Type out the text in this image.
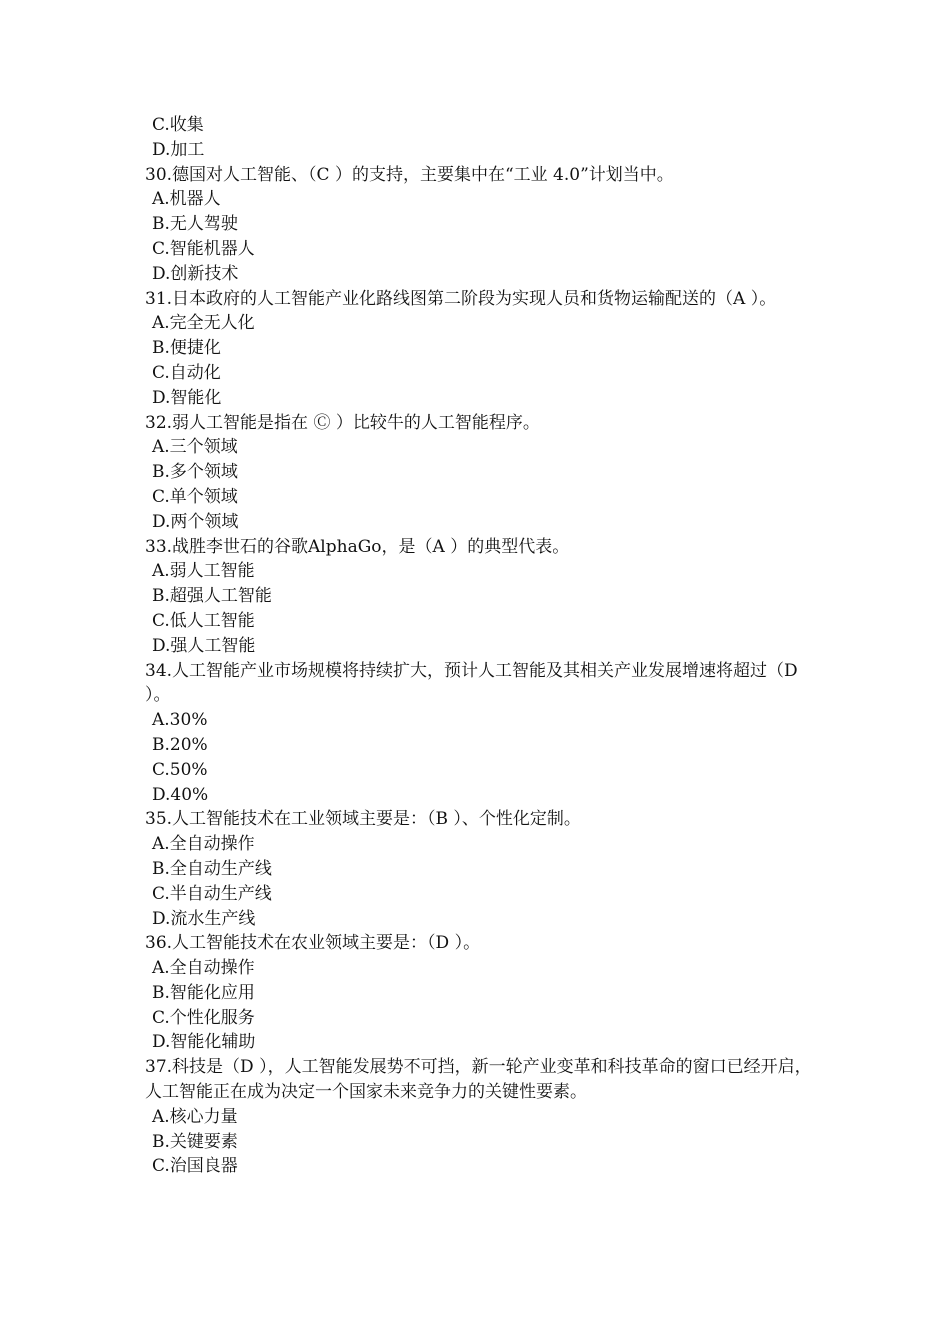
C.收集

D.加工

30.德国对人工智能、（C ）的支持，主要集中在“工业 4.0”计划当中。

A.机器人

B.无人驾驶

C.智能机器人

D.创新技术

31.日本政府的人工智能产业化路线图第二阶段为实现人员和货物运输配送的（A ）。

A.完全无人化

B.便捷化

C.自动化

D.智能化

32.弱人工智能是指在 Ⓒ ）比较牛的人工智能程序。

A.三个领域

B.多个领域

C.单个领域

D.两个领域

33.战胜李世石的谷歌AlphaGo，是（A ）的典型代表。

A.弱人工智能

B.超强人工智能

C.低人工智能

D.强人工智能

34.人工智能产业市场规模将持续扩大，预计人工智能及其相关产业发展增速将超过（D ）。

A.30%

B.20%

C.50%

D.40%

35.人工智能技术在工业领域主要是：（B ）、个性化定制。

A.全自动操作

B.全自动生产线

C.半自动生产线

D.流水生产线

36.人工智能技术在农业领域主要是：（D ）。

A.全自动操作

B.智能化应用

C.个性化服务

D.智能化辅助

37.科技是（D ），人工智能发展势不可挡，新一轮产业变革和科技革命的窗口已经开启，人工智能正在成为决定一个国家未来竞争力的关键性要素。

A.核心力量

B.关键要素

C.治国良器
